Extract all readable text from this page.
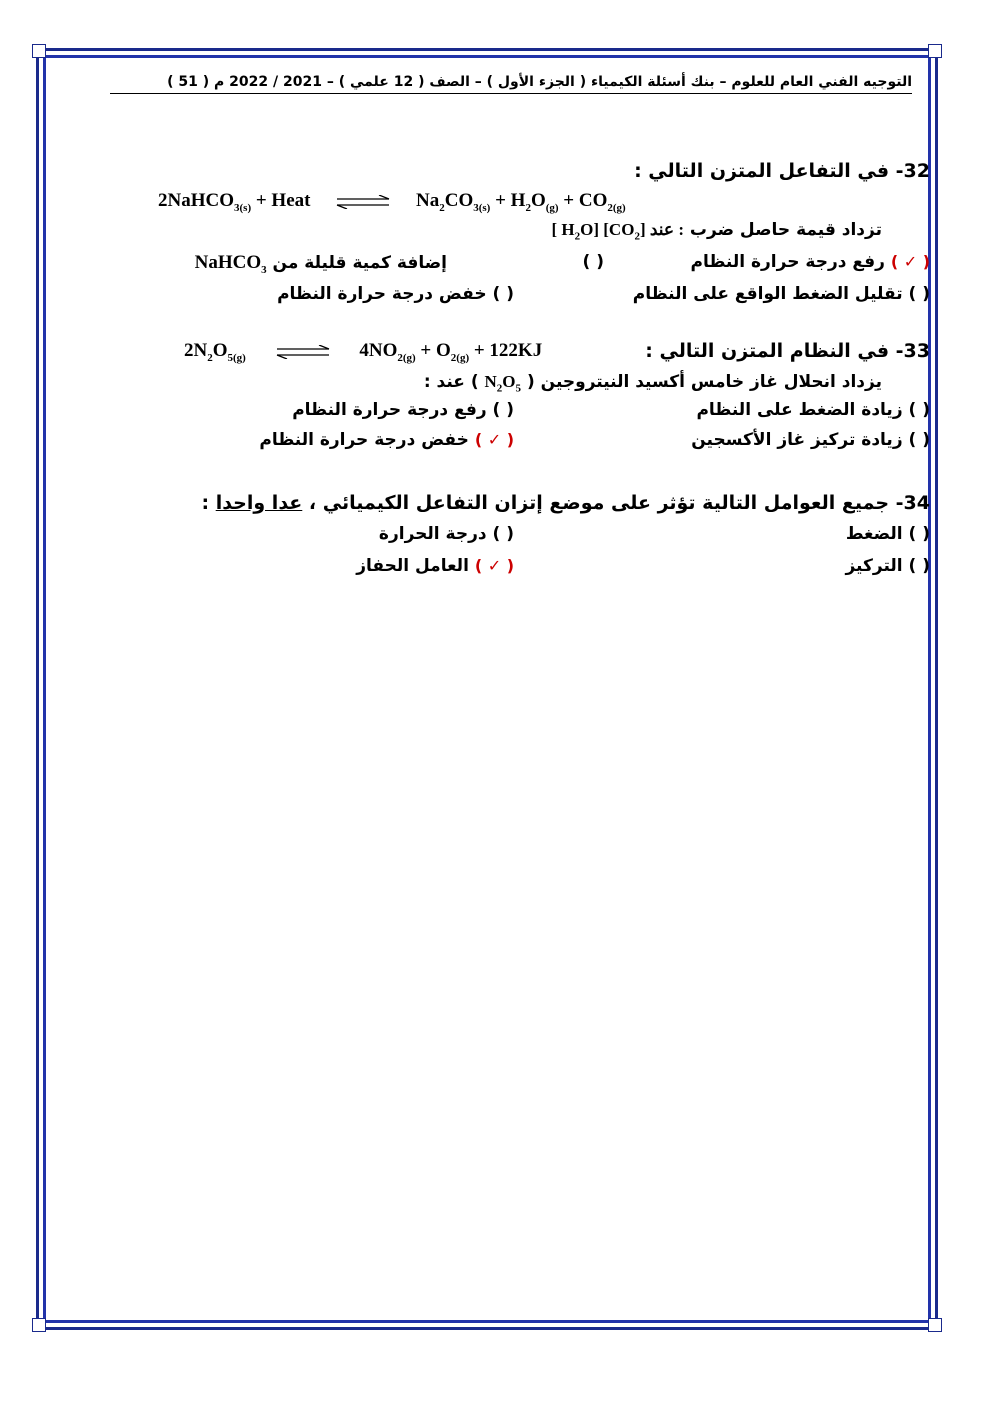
التوجيه الفني العام للعلوم – بنك أسئلة الكيمياء ( الجزء الأول ) – الصف ( 12 علمي ) – 2021 / 2022 م ( 51 )
32- في التفاعل المتزن التالي :
2NaHCO$_{3(s)}$ + Heat ⇌ $Na_2CO_{3(s)} + H_2O_{(g)} + CO_{2(g)}$
تزداد قيمة حاصل ضرب [ $H_2O$] $[CO_2]$ عند :
( ✓ ) رفع درجة حرارة النظام
( )
إضافة كمية قليلة من NaHCO$_3$
( ) تقليل الضغط الواقع على النظام
( ) خفض درجة حرارة النظام
33- في النظام المتزن التالي :
$2N_2O_{5(g)}$ ⇌ $4NO_{2(g)} + O_{2(g)} + 122KJ$
يزداد انحلال غاز خامس أكسيد النيتروجين ( $N_2O_5$ ) عند :
( ) زيادة الضغط على النظام
( ) رفع درجة حرارة النظام
( ) زيادة تركيز غاز الأكسجين
( ✓ ) خفض درجة حرارة النظام
34- جميع العوامل التالية تؤثر على موضع إتزان التفاعل الكيميائي ، عدا واحدا :
( ) الضغط
( ) درجة الحرارة
( ) التركيز
( ✓ ) العامل الحفاز
